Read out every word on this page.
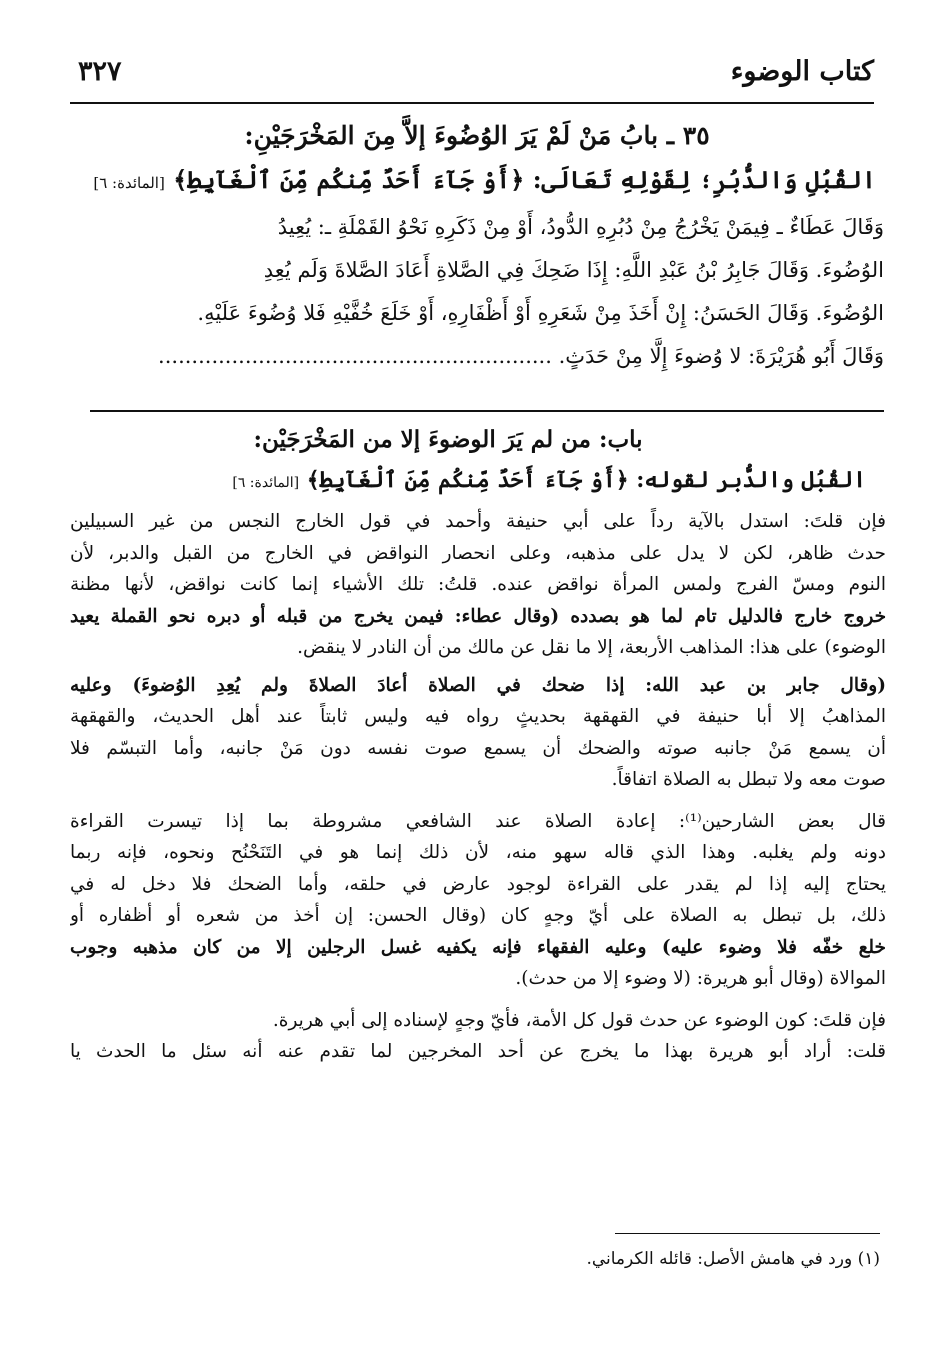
كتاب الوضوء
٣٢٧
٣٥ ـ بابُ مَنْ لَمْ يَرَ الوُضُوءَ إلاَّ مِنَ المَخْرَجَيْنِ:
القُبُلِ وَالدُّبُرِ؛ لِقَوْلِهِ تَعَالَى: ﴿أَوْ جَآءَ أَحَدٌ مِّنكُم مِّنَ ٱلْغَآيِطِ﴾ [المائدة: ٦]
وَقَالَ عَطَاءٌ ـ فِيمَنْ يَخْرُجُ مِنْ دُبُرِهِ الدُّودُ، أَوْ مِنْ ذَكَرِهِ نَحْوُ القَمْلَةِ ـ: يُعِيدُ
الوُضُوءَ. وَقَالَ جَابِرُ بْنُ عَبْدِ اللَّهِ: إِذَا ضَحِكَ فِي الصَّلاةِ أَعَادَ الصَّلاةَ وَلَم يُعِدِ
الوُضُوءَ. وَقَالَ الحَسَنُ: إِنْ أَخَذَ مِنْ شَعَرِهِ أَوْ أَظْفَارِهِ، أَوْ خَلَعَ خُفَّيْهِ فَلا وُضُوءَ عَلَيْهِ.
وَقَالَ أَبُو هُرَيْرَةَ: لا وُضوءَ إِلَّا مِنْ حَدَثٍ. ...........................................................
باب: من لم يَرَ الوضوءَ إلا من المَخْرَجَيْن:
القُبُل والدُّبر لقوله: ﴿أَوْ جَآءَ أَحَدٌ مِّنكُم مِّنَ ٱلْغَآيِطِ﴾ [المائدة: ٦]
فإن قلتَ: استدل بالآية رداً على أبي حنيفة وأحمد في قول الخارج النجس من غير السبيلين
حدث ظاهر، لكن لا يدل على مذهبه، وعلى انحصار النواقض في الخارج من القبل والدبر، لأن
النوم ومسّ الفرج ولمس المرأة نواقض عنده. قلتُ: تلك الأشياء إنما كانت نواقض، لأنها مظنة
خروج خارج فالدليل تام لما هو بصدده (وقال عطاء: فيمن يخرج من قبله أو دبره نحو القملة يعيد
الوضوء) على هذا: المذاهب الأربعة، إلا ما نقل عن مالك من أن النادر لا ينقض.
(وقال جابر بن عبد الله: إذا ضحك في الصلاة أعادَ الصلاةَ ولم يُعِدِ الوُضوءَ) وعليه
المذاهبُ إلا أبا حنيفة في القهقهة بحديثٍ رواه فيه وليس ثابتاً عند أهل الحديث، والقهقهة
أن يسمع مَنْ جانبه صوته والضحك أن يسمع صوت نفسه دون مَنْ جانبه، وأما التبسّم فلا
صوت معه ولا تبطل به الصلاة اتفاقاً.
قال بعض الشارحين⁽¹⁾: إعادة الصلاة عند الشافعي مشروطة بما إذا تيسرت القراءة
دونه ولم يغلبه. وهذا الذي قاله سهو منه، لأن ذلك إنما هو في التَنَحْنُح ونحوه، فإنه ربما
يحتاج إليه إذا لم يقدر على القراءة لوجود عارض في حلقه، وأما الضحك فلا دخل له في
ذلك، بل تبطل به الصلاة على أيّ وجهٍ كان (وقال الحسن: إن أخذ من شعره أو أظفاره أو
خلع خفّه فلا وضوء عليه) وعليه الفقهاء فإنه يكفيه غسل الرجلين إلا من كان مذهبه وجوب
الموالاة (وقال أبو هريرة: (لا وضوء إلا من حدث).
فإن قلتَ: كون الوضوء عن حدث قول كل الأمة، فأيّ وجهٍ لإسناده إلى أبي هريرة.
قلت: أراد أبو هريرة بهذا ما يخرج عن أحد المخرجين لما تقدم عنه أنه سئل ما الحدث يا
(١) ورد في هامش الأصل: قائله الكرماني.
